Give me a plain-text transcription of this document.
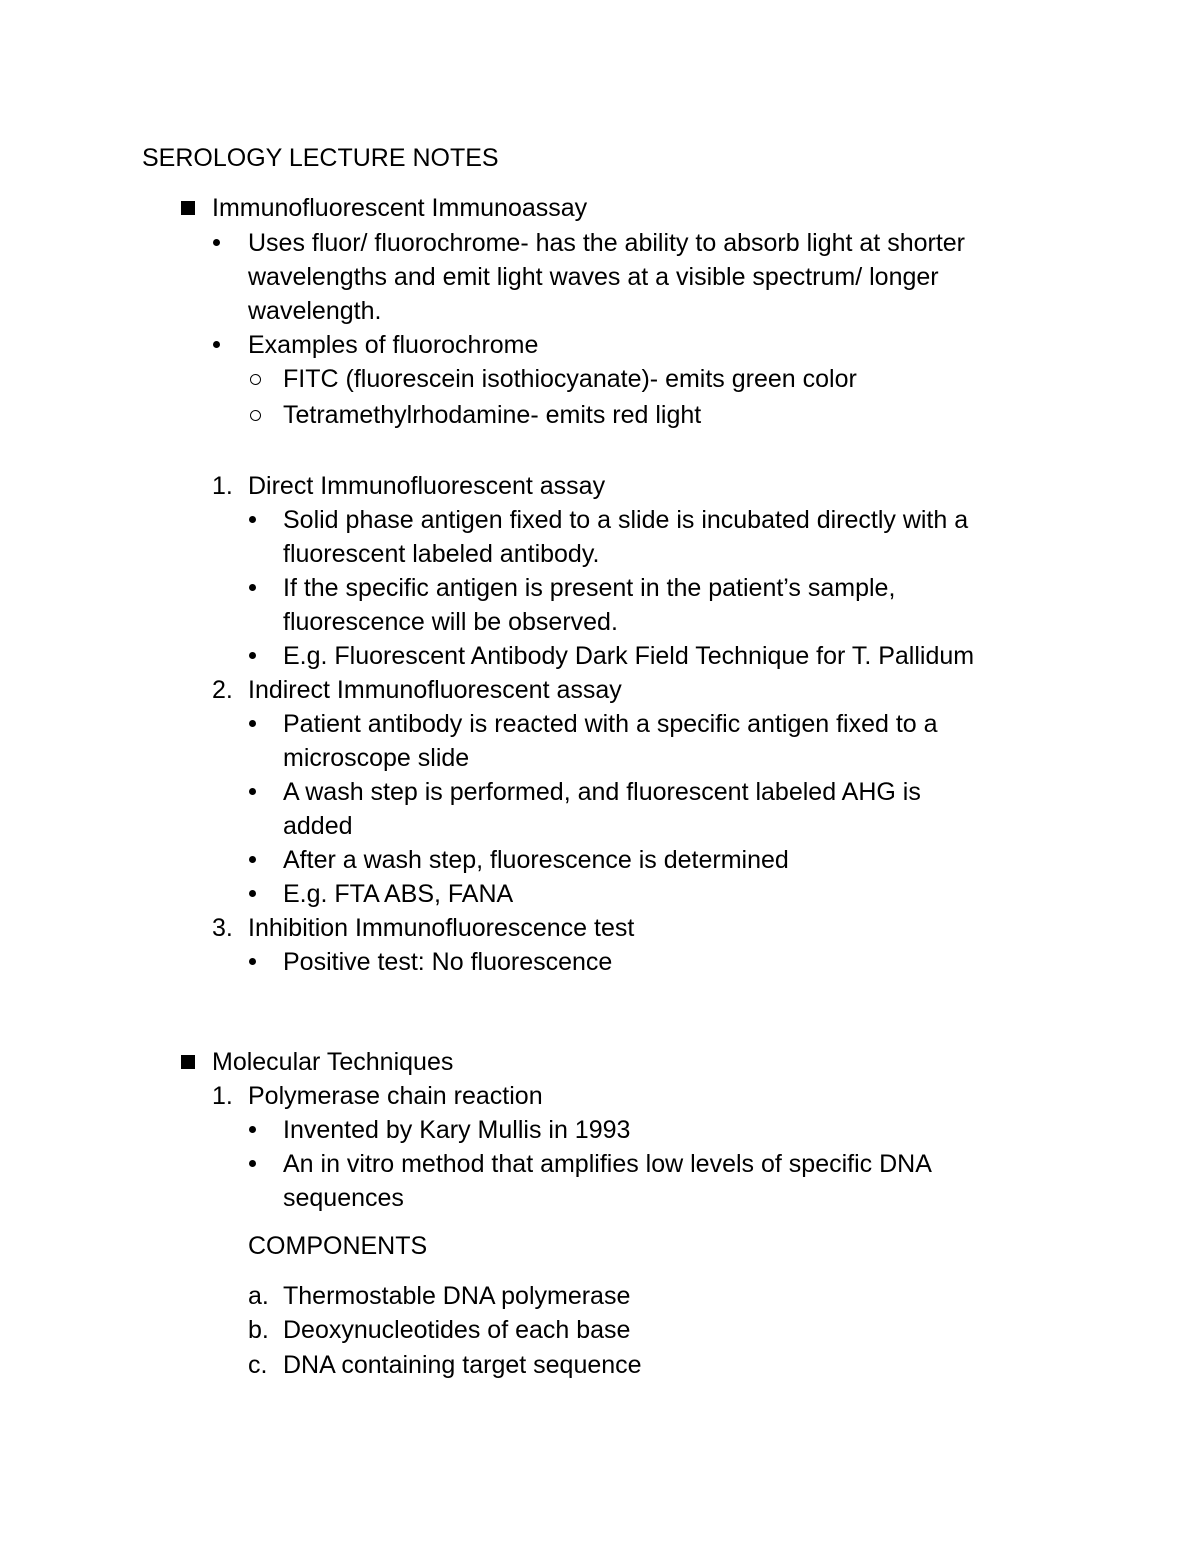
SEROLOGY LECTURE NOTES
Immunofluorescent Immunoassay
Uses fluor/ fluorochrome- has the ability to absorb light at shorter
wavelengths and emit light waves at a visible spectrum/ longer
wavelength.
Examples of fluorochrome
FITC (fluorescein isothiocyanate)- emits green color
Tetramethylrhodamine- emits red light
1. Direct Immunofluorescent assay
Solid phase antigen fixed to a slide is incubated directly with a
fluorescent labeled antibody.
If the specific antigen is present in the patient’s sample,
fluorescence will be observed.
E.g. Fluorescent Antibody Dark Field Technique for T. Pallidum
2. Indirect Immunofluorescent assay
Patient antibody is reacted with a specific antigen fixed to a
microscope slide
A wash step is performed, and fluorescent labeled AHG is
added
After a wash step, fluorescence is determined
E.g. FTA ABS, FANA
3. Inhibition Immunofluorescence test
Positive test: No fluorescence
Molecular Techniques
1. Polymerase chain reaction
Invented by Kary Mullis in 1993
An in vitro method that amplifies low levels of specific DNA
sequences
COMPONENTS
a. Thermostable DNA polymerase
b. Deoxynucleotides of each base
c. DNA containing target sequence
